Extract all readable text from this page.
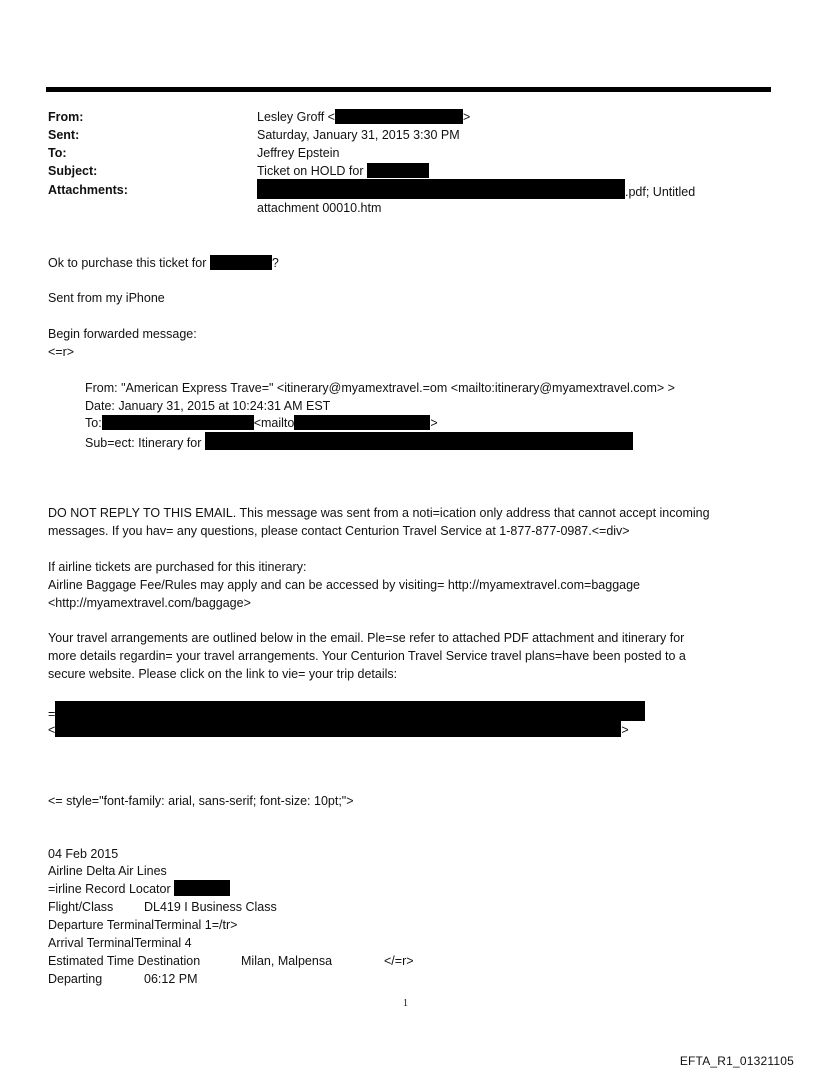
From:	Lesley Groff <	>
Sent:	Saturday, January 31, 2015 3:30 PM
To:	Jeffrey Epstein
Subject:	Ticket on HOLD for
Attachments:	.pdf; Untitled
attachment 00010.htm
Ok to purchase this ticket for	?
Sent from my iPhone
Begin forwarded message:
<=r>
From: "American Express Trave=" <itinerary@myamextravel.=om <mailto:itinerary@myamextravel.com> >
Date: January 31, 2015 at 10:24:31 AM EST
To:	<mailto	>
Sub=ect: Itinerary for
DO NOT REPLY TO THIS EMAIL. This message was sent from a noti=ication only address that cannot accept incoming
messages. If you hav= any questions, please contact Centurion Travel Service at 1-877-877-0987.<=div>
If airline tickets are purchased for this itinerary:
Airline Baggage Fee/Rules may apply and can be accessed by visiting= http://myamextravel.com=baggage
<http://myamextravel.com/baggage>
Your travel arrangements are outlined below in the email. Ple=se refer to attached PDF attachment and itinerary for
more details regardin= your travel arrangements. Your Centurion Travel Service travel plans=have been posted to a
secure website. Please click on the link to vie= your trip details:
=
<	>
<= style="font-family: arial, sans-serif; font-size: 10pt;">
04 Feb 2015
Airline Delta Air Lines
=irline Record Locator
Flight/Class DL419 I Business Class
Departure TerminalTerminal 1=/tr>
Arrival TerminalTerminal 4
Estimated Time Destination	Milan, Malpensa	</=r>
Departing	06:12 PM
1
EFTA_R1_01321105
